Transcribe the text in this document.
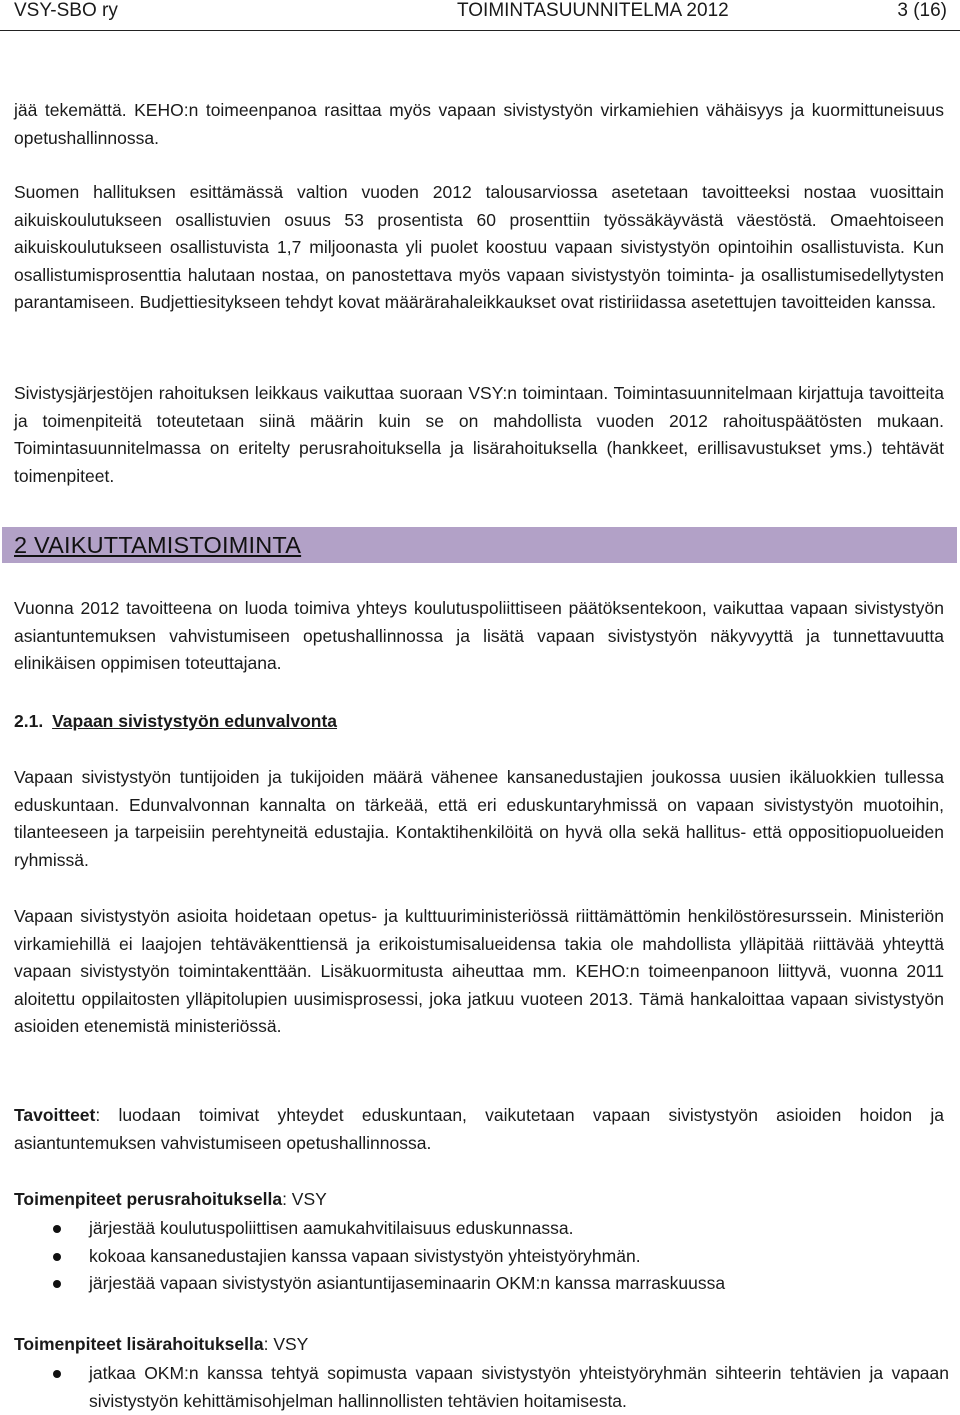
VSY-SBO ry	TOIMINTASUUNNITELMA 2012	3 (16)

jää tekemättä. KEHO:n toimeenpanoa rasittaa myös vapaan sivistystyön virkamiehien vähäisyys ja kuormittuneisuus opetushallinnossa.

Suomen hallituksen esittämässä valtion vuoden 2012 talousarviossa asetetaan tavoitteeksi nostaa vuosittain aikuiskoulutukseen osallistuvien osuus 53 prosentista 60 prosenttiin työssäkäyvästä väestöstä. Omaehtoiseen aikuiskoulutukseen osallistuvista 1,7 miljoonasta yli puolet koostuu vapaan sivistystyön opintoihin osallistuvista. Kun osallistumisprosenttia halutaan nostaa, on panostettava myös vapaan sivistystyön toiminta- ja osallistumisedellytysten parantamiseen. Budjettiesitykseen tehdyt kovat määrärahaleikkaukset ovat ristiriidassa asetettujen tavoitteiden kanssa.

Sivistysjärjestöjen rahoituksen leikkaus vaikuttaa suoraan VSY:n toimintaan. Toimintasuunnitelmaan kirjattuja tavoitteita ja toimenpiteitä toteutetaan siinä määrin kuin se on mahdollista vuoden 2012 rahoituspäätösten mukaan. Toimintasuunnitelmassa on eritelty perusrahoituksella ja lisärahoituksella (hankkeet, erillisavustukset yms.) tehtävät toimenpiteet.

2 VAIKUTTAMISTOIMINTA

Vuonna 2012 tavoitteena on luoda toimiva yhteys koulutuspoliittiseen päätöksentekoon, vaikuttaa vapaan sivistystyön asiantuntemuksen vahvistumiseen opetushallinnossa ja lisätä vapaan sivistystyön näkyvyyttä ja tunnettavuutta elinikäisen oppimisen toteuttajana.

2.1. Vapaan sivistystyön edunvalvonta

Vapaan sivistystyön tuntijoiden ja tukijoiden määrä vähenee kansanedustajien joukossa uusien ikäluokkien tullessa eduskuntaan. Edunvalvonnan kannalta on tärkeää, että eri eduskuntaryhmissä on vapaan sivistystyön muotoihin, tilanteeseen ja tarpeisiin perehtyneitä edustajia. Kontaktihenkilöitä on hyvä olla sekä hallitus- että oppositiopuolueiden ryhmissä.

Vapaan sivistystyön asioita hoidetaan opetus- ja kulttuuriministeriössä riittämättömin henkilöstöresurssein. Ministeriön virkamiehillä ei laajojen tehtäväkenttiensä ja erikoistumisalueidensa takia ole mahdollista ylläpitää riittävää yhteyttä vapaan sivistystyön toimintakenttään. Lisäkuormitusta aiheuttaa mm. KEHO:n toimeenpanoon liittyvä, vuonna 2011 aloitettu oppilaitosten ylläpitolupien uusimisprosessi, joka jatkuu vuoteen 2013. Tämä hankaloittaa vapaan sivistystyön asioiden etenemistä ministeriössä.

Tavoitteet: luodaan toimivat yhteydet eduskuntaan, vaikutetaan vapaan sivistystyön asioiden hoidon ja asiantuntemuksen vahvistumiseen opetushallinnossa.

Toimenpiteet perusrahoituksella: VSY

järjestää koulutuspoliittisen aamukahvitilaisuus eduskunnassa.
kokoaa kansanedustajien kanssa vapaan sivistystyön yhteistyöryhmän.
järjestää vapaan sivistystyön asiantuntijaseminaarin OKM:n kanssa marraskuussa

Toimenpiteet lisärahoituksella: VSY

jatkaa OKM:n kanssa tehtyä sopimusta vapaan sivistystyön yhteistyöryhmän sihteerin tehtävien ja vapaan sivistystyön kehittämisohjelman hallinnollisten tehtävien hoitamisesta.
